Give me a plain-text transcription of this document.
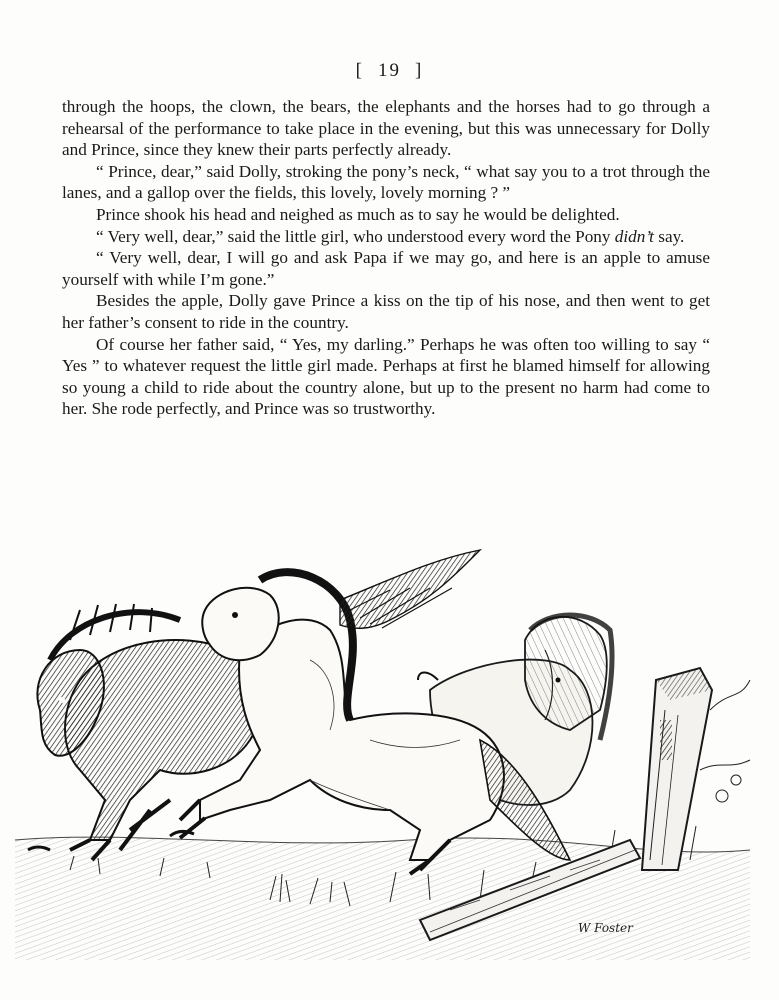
[ 19 ]

through the hoops, the clown, the bears, the elephants and the horses had to go through a rehearsal of the performance to take place in the evening, but this was unnecessary for Dolly and Prince, since they knew their parts perfectly already.

“ Prince, dear,” said Dolly, stroking the pony’s neck, “ what say you to a trot through the lanes, and a gallop over the fields, this lovely, lovely morning ? ”

Prince shook his head and neighed as much as to say he would be delighted.

“ Very well, dear,” said the little girl, who understood every word the Pony didn’t say.

“ Very well, dear, I will go and ask Papa if we may go, and here is an apple to amuse yourself with while I’m gone.”

Besides the apple, Dolly gave Prince a kiss on the tip of his nose, and then went to get her father’s consent to ride in the country.

Of course her father said, “ Yes, my darling.” Perhaps he was often too willing to say “ Yes ” to whatever request the little girl made. Perhaps at first he blamed himself for allowing so young a child to ride about the country alone, but up to the present no harm had come to her. She rode perfectly, and Prince was so trustworthy.

W Foster
